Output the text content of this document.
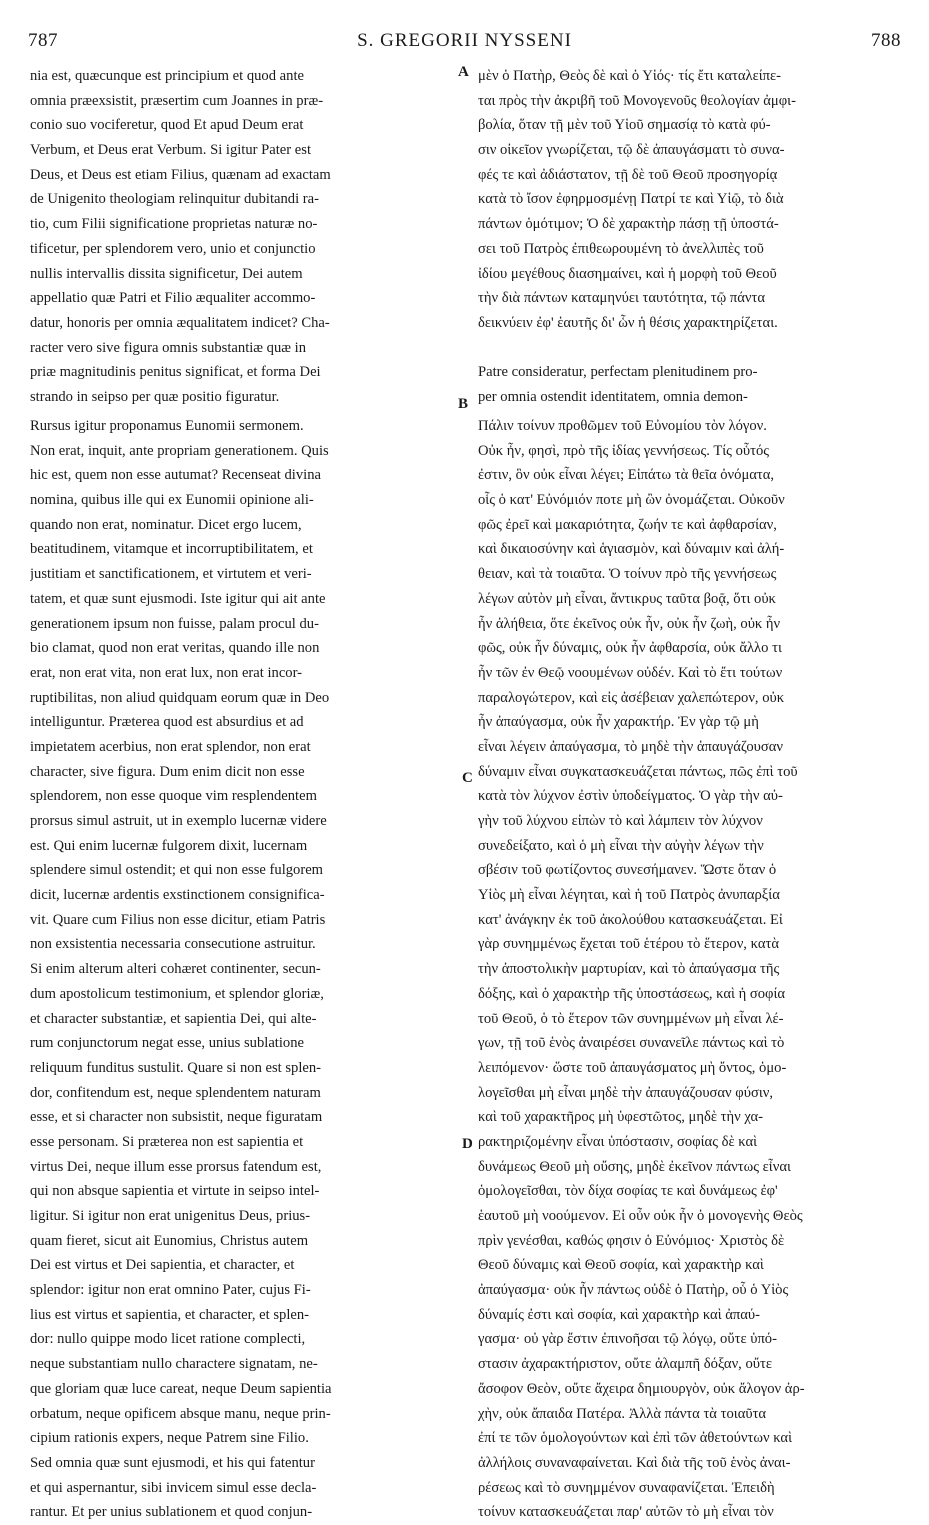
787	S. GREGORII NYSSENI	788
A
B
C
D
nia est, quæcunque est principium et quod ante
omnia præexsistit, præsertim cum Joannes in præ-
conio suo vociferetur, quod Et apud Deum erat
Verbum, et Deus erat Verbum. Si igitur Pater est
Deus, et Deus est etiam Filius, quænam ad exactam
de Unigenito theologiam relinquitur dubitandi ra-
tio, cum Filii significatione proprietas naturæ no-
tificetur, per splendorem vero, unio et conjunctio
nullis intervallis dissita significetur, Dei autem
appellatio quæ Patri et Filio æqualiter accommo-
datur, honoris per omnia æqualitatem indicet? Cha-
racter vero sive figura omnis substantiæ quæ in
priæ magnitudinis penitus significat, et forma Dei	Patre consideratur, perfectam plenitudinem pro-
strando in seipso per quæ positio figuratur.	per omnia ostendit identitatem, omnia demon-
μὲν ὁ Πατὴρ, Θεὸς δὲ καὶ ὁ Υἱός· τίς ἔτι καταλείπε-
ται πρὸς τὴν ἀκριβῆ τοῦ Μονογενοῦς θεολογίαν ἀμφι-
βολία, ὅταν τῇ μὲν τοῦ Υἱοῦ σημασίᾳ τὸ κατὰ φύ-
σιν οἰκεῖον γνωρίζεται, τῷ δὲ ἀπαυγάσματι τὸ συνα-
φές τε καὶ ἀδιάστατον, τῇ δὲ τοῦ Θεοῦ προσηγορίᾳ
κατὰ τὸ ἴσον ἐφηρμοσμένῃ Πατρί τε καὶ Υἱῷ, τὸ διὰ
πάντων ὁμότιμον; Ὁ δὲ χαρακτὴρ πάσῃ τῇ ὑποστά-
σει τοῦ Πατρὸς ἐπιθεωρουμένη τὸ ἀνελλιπὲς τοῦ
ἰδίου μεγέθους διασημαίνει, καὶ ἡ μορφὴ τοῦ Θεοῦ
τὴν διὰ πάντων καταμηνύει ταυτότητα, τῷ πάντα
δεικνύειν ἐφ' ἑαυτῆς δι' ὧν ἡ θέσις χαρακτηρίζεται.
Rursus igitur proponamus Eunomii sermonem.
Non erat, inquit, ante propriam generationem. Quis
hic est, quem non esse autumat? Recenseat divina
nomina, quibus ille qui ex Eunomii opinione ali-
quando non erat, nominatur. Dicet ergo lucem,
beatitudinem, vitamque et incorruptibilitatem, et
justitiam et sanctificationem, et virtutem et veri-
tatem, et quæ sunt ejusmodi. Iste igitur qui ait ante
generationem ipsum non fuisse, palam procul du-
bio clamat, quod non erat veritas, quando ille non
erat, non erat vita, non erat lux, non erat incor-
ruptibilitas, non aliud quidquam eorum quæ in Deo
intelliguntur. Præterea quod est absurdius et ad
impietatem acerbius, non erat splendor, non erat
character, sive figura. Dum enim dicit non esse
splendorem, non esse quoque vim resplendentem
prorsus simul astruit, ut in exemplo lucernæ videre
est. Qui enim lucernæ fulgorem dixit, lucernam
splendere simul ostendit; et qui non esse fulgorem
dicit, lucernæ ardentis exstinctionem consignifica-
vit. Quare cum Filius non esse dicitur, etiam Patris
non exsistentia necessaria consecutione astruitur.
Si enim alterum alteri cohæret continenter, secun-
dum apostolicum testimonium, et splendor gloriæ,
et character substantiæ, et sapientia Dei, qui alte-
rum conjunctorum negat esse, unius sublatione
reliquum funditus sustulit. Quare si non est splen-
dor, confitendum est, neque splendentem naturam
esse, et si character non subsistit, neque figuratam
esse personam. Si præterea non est sapientia et
virtus Dei, neque illum esse prorsus fatendum est,
qui non absque sapientia et virtute in seipso intel-
ligitur. Si igitur non erat unigenitus Deus, prius-
quam fieret, sicut ait Eunomius, Christus autem
Dei est virtus et Dei sapientia, et character, et
splendor: igitur non erat omnino Pater, cujus Fi-
lius est virtus et sapientia, et character, et splen-
dor: nullo quippe modo licet ratione complecti,
neque substantiam nullo charactere signatam, ne-
que gloriam quæ luce careat, neque Deum sapientia
orbatum, neque opificem absque manu, neque prin-
cipium rationis expers, neque Patrem sine Filio.
Sed omnia quæ sunt ejusmodi, et his qui fatentur
et qui aspernantur, sibi invicem simul esse decla-
rantur. Et per unius sublationem et quod conjun-
Πάλιν τοίνυν προθῶμεν τοῦ Εὐνομίου τὸν λόγον.
Οὐκ ἦν, φησὶ, πρὸ τῆς ἰδίας γεννήσεως. Τίς οὗτός
ἐστιν, ὃν οὐκ εἶναι λέγει; Εἰπάτω τὰ θεῖα ὀνόματα,
οἷς ὁ κατ' Εὐνόμιόν ποτε μὴ ὢν ὀνομάζεται. Οὐκοῦν
φῶς ἐρεῖ καὶ μακαριότητα, ζωήν τε καὶ ἀφθαρσίαν,
καὶ δικαιοσύνην καὶ ἁγιασμὸν, καὶ δύναμιν καὶ ἀλή-
θειαν, καὶ τὰ τοιαῦτα. Ὁ τοίνυν πρὸ τῆς γεννήσεως
λέγων αὐτὸν μὴ εἶναι, ἄντικρυς ταῦτα βοᾷ, ὅτι οὐκ
ἦν ἀλήθεια, ὅτε ἐκεῖνος οὐκ ἦν, οὐκ ἦν ζωὴ, οὐκ ἦν
φῶς, οὐκ ἦν δύναμις, οὐκ ἦν ἀφθαρσία, οὐκ ἄλλο τι
ἦν τῶν ἐν Θεῷ νοουμένων οὐδέν. Καὶ τὸ ἔτι τούτων
παραλογώτερον, καὶ εἰς ἀσέβειαν χαλεπώτερον, οὐκ
ἦν ἀπαύγασμα, οὐκ ἦν χαρακτήρ. Ἐν γὰρ τῷ μὴ
εἶναι λέγειν ἀπαύγασμα, τὸ μηδὲ τὴν ἀπαυγάζουσαν
δύναμιν εἶναι συγκατασκευάζεται πάντως, πῶς ἐπὶ τοῦ
κατὰ τὸν λύχνον ἐστὶν ὑποδείγματος. Ὁ γὰρ τὴν αὐ-
γὴν τοῦ λύχνου εἰπὼν τὸ καὶ λάμπειν τὸν λύχνον
συνεδείξατο, καὶ ὁ μὴ εἶναι τὴν αὐγὴν λέγων τὴν
σβέσιν τοῦ φωτίζοντος συνεσήμανεν. Ὥστε ὅταν ὁ
Υἱὸς μὴ εἶναι λέγηται, καὶ ἡ τοῦ Πατρὸς ἀνυπαρξία
κατ' ἀνάγκην ἐκ τοῦ ἀκολούθου κατασκευάζεται. Εἰ
γὰρ συνημμένως ἔχεται τοῦ ἑτέρου τὸ ἕτερον, κατὰ
τὴν ἀποστολικὴν μαρτυρίαν, καὶ τὸ ἀπαύγασμα τῆς
δόξης, καὶ ὁ χαρακτὴρ τῆς ὑποστάσεως, καὶ ἡ σοφία
τοῦ Θεοῦ, ὁ τὸ ἕτερον τῶν συνημμένων μὴ εἶναι λέ-
γων, τῇ τοῦ ἑνὸς ἀναιρέσει συνανεῖλε πάντως καὶ τὸ
λειπόμενον· ὥστε τοῦ ἀπαυγάσματος μὴ ὄντος, ὁμο-
λογεῖσθαι μὴ εἶναι μηδὲ τὴν ἀπαυγάζουσαν φύσιν,
καὶ τοῦ χαρακτῆρος μὴ ὑφεστῶτος, μηδὲ τὴν χα-
ρακτηριζομένην εἶναι ὑπόστασιν, σοφίας δὲ καὶ
δυνάμεως Θεοῦ μὴ οὔσης, μηδὲ ἐκεῖνον πάντως εἶναι
ὁμολογεῖσθαι, τὸν δίχα σοφίας τε καὶ δυνάμεως ἐφ'
ἑαυτοῦ μὴ νοούμενον. Εἰ οὖν οὐκ ἦν ὁ μονογενὴς Θεὸς
πρὶν γενέσθαι, καθώς φησιν ὁ Εὐνόμιος· Χριστὸς δὲ
Θεοῦ δύναμις καὶ Θεοῦ σοφία, καὶ χαρακτὴρ καὶ
ἀπαύγασμα· οὐκ ἦν πάντως οὐδὲ ὁ Πατὴρ, οὗ ὁ Υἱὸς
δύναμίς ἐστι καὶ σοφία, καὶ χαρακτὴρ καὶ ἀπαύ-
γασμα· οὐ γὰρ ἔστιν ἐπινοῆσαι τῷ λόγῳ, οὔτε ὑπό-
στασιν ἀχαρακτήριστον, οὔτε ἀλαμπῆ δόξαν, οὔτε
ἄσοφον Θεὸν, οὔτε ἄχειρα δημιουργὸν, οὐκ ἄλογον ἀρ-
χὴν, οὐκ ἄπαιδα Πατέρα. Ἀλλὰ πάντα τὰ τοιαῦτα
ἐπί τε τῶν ὁμολογούντων καὶ ἐπὶ τῶν ἀθετούντων καὶ
ἀλλήλοις συναναφαίνεται. Καὶ διὰ τῆς τοῦ ἑνὸς ἀναι-
ρέσεως καὶ τὸ συνημμένον συναφανίζεται. Ἐπειδὴ
τοίνυν κατασκευάζεται παρ' αὐτῶν τὸ μὴ εἶναι τὸν
